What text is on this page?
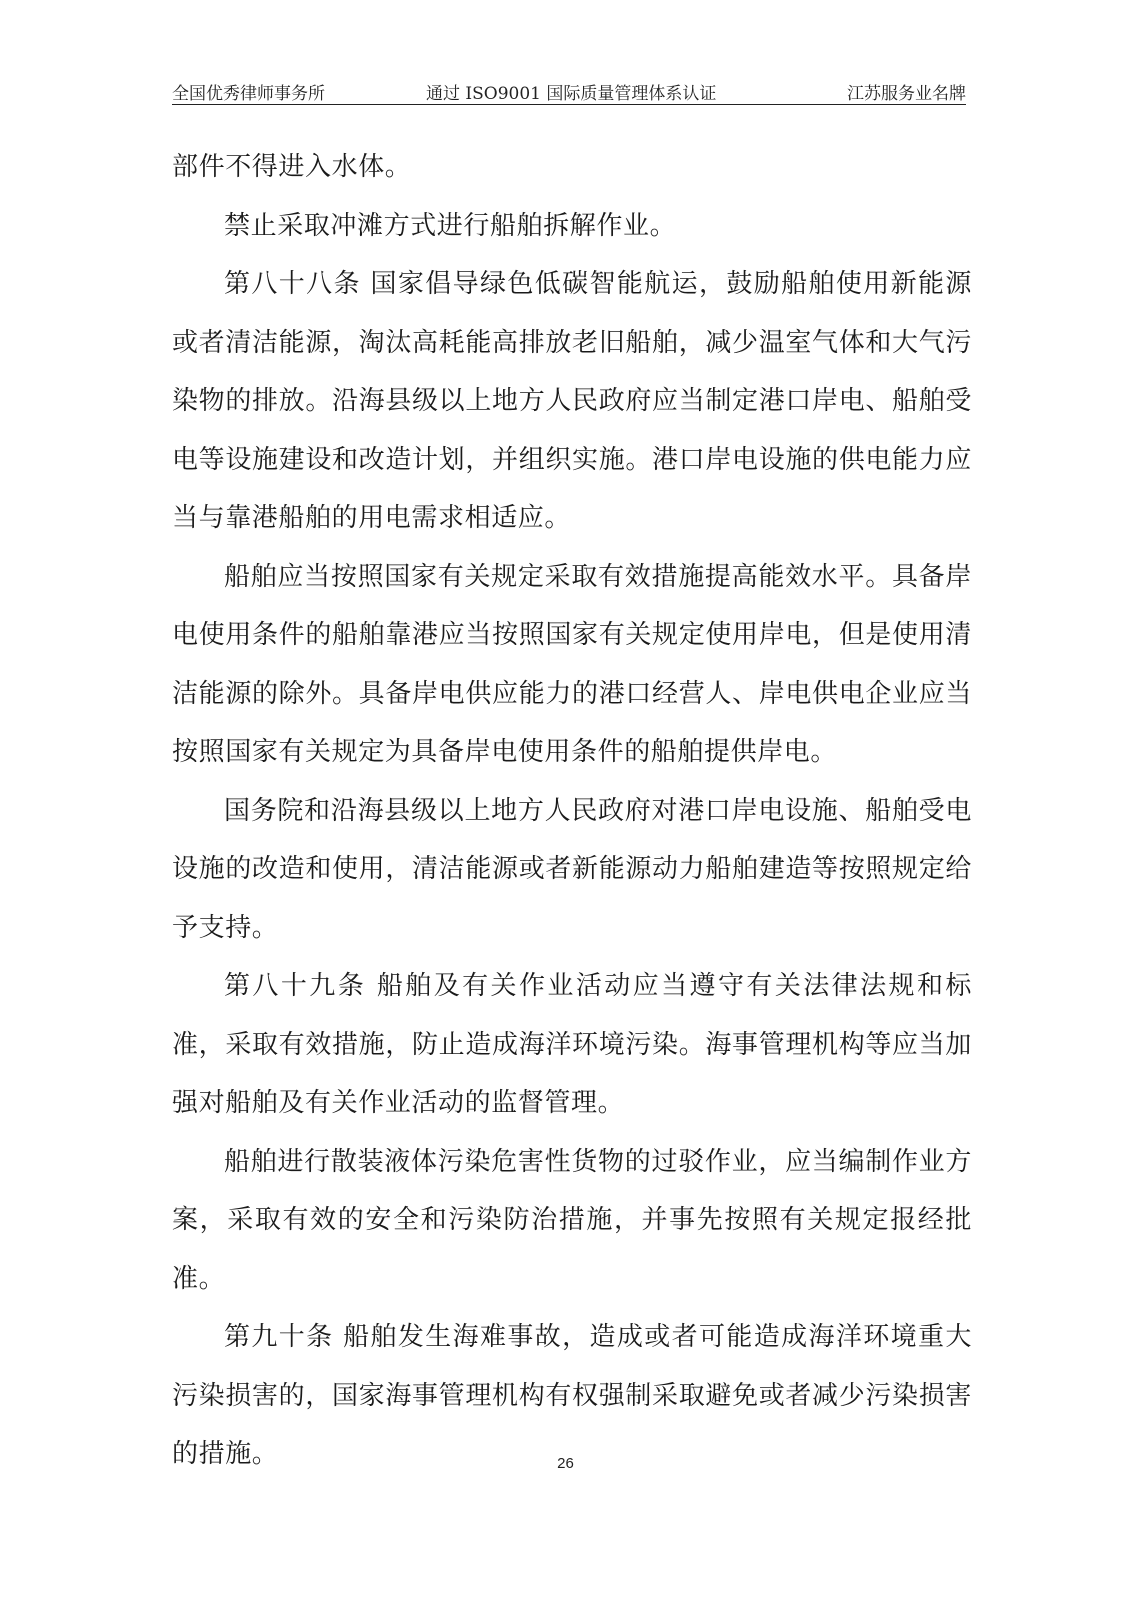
全国优秀律师事务所	通过 ISO9001 国际质量管理体系认证	江苏服务业名牌

部件不得进入水体。

禁止采取冲滩方式进行船舶拆解作业。

第八十八条 国家倡导绿色低碳智能航运，鼓励船舶使用新能源或者清洁能源，淘汰高耗能高排放老旧船舶，减少温室气体和大气污染物的排放。沿海县级以上地方人民政府应当制定港口岸电、船舶受电等设施建设和改造计划，并组织实施。港口岸电设施的供电能力应当与靠港船舶的用电需求相适应。

船舶应当按照国家有关规定采取有效措施提高能效水平。具备岸电使用条件的船舶靠港应当按照国家有关规定使用岸电，但是使用清洁能源的除外。具备岸电供应能力的港口经营人、岸电供电企业应当按照国家有关规定为具备岸电使用条件的船舶提供岸电。

国务院和沿海县级以上地方人民政府对港口岸电设施、船舶受电设施的改造和使用，清洁能源或者新能源动力船舶建造等按照规定给予支持。

第八十九条 船舶及有关作业活动应当遵守有关法律法规和标准，采取有效措施，防止造成海洋环境污染。海事管理机构等应当加强对船舶及有关作业活动的监督管理。

船舶进行散装液体污染危害性货物的过驳作业，应当编制作业方案，采取有效的安全和污染防治措施，并事先按照有关规定报经批准。

第九十条 船舶发生海难事故，造成或者可能造成海洋环境重大污染损害的，国家海事管理机构有权强制采取避免或者减少污染损害的措施。	26
